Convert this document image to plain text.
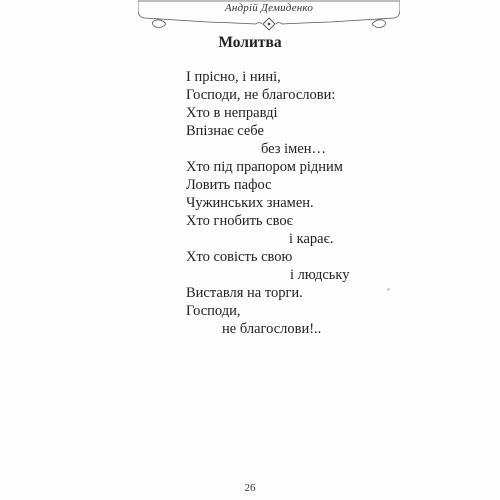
Андрій Демиденко
Молитва
І прісно, і нині,
Господи, не благослови:
Хто в неправді
Впізнає себе
без імен…
Хто під прапором рідним
Ловить пафос
Чужинських знамен.
Хто гнобить своє
і карає.
Хто совість свою
і людську
Виставля на торги.
Господи,
не благослови!..
26
